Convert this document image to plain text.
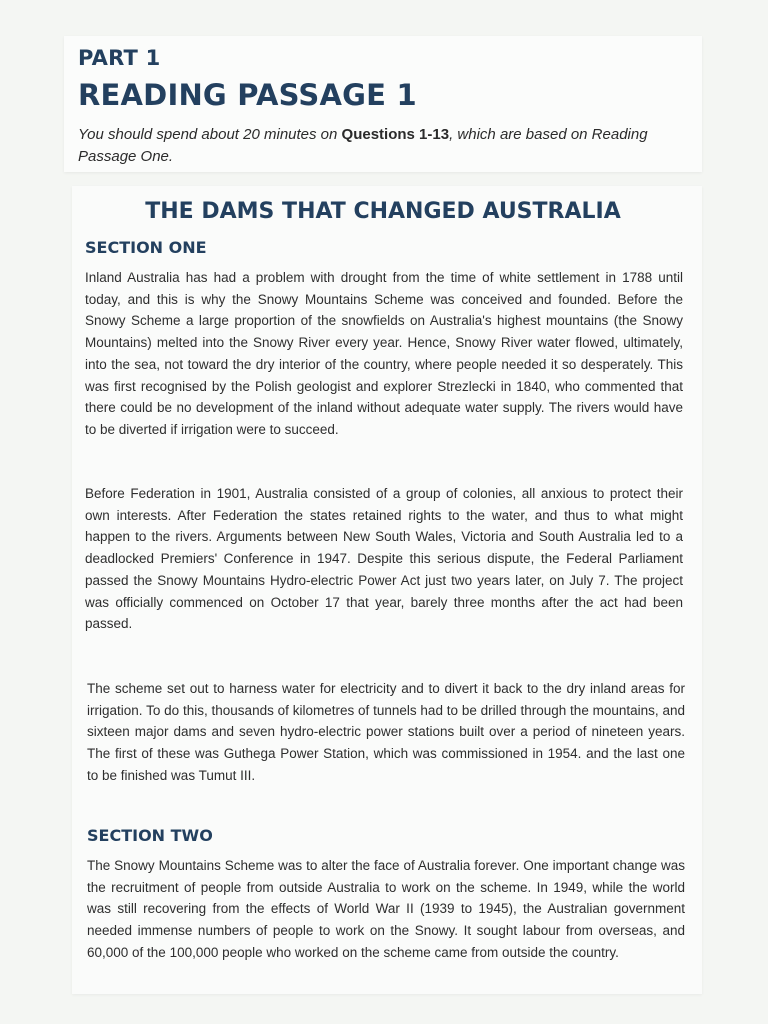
PART 1
READING PASSAGE 1

You should spend about 20 minutes on Questions 1-13, which are based on Reading Passage One.

THE DAMS THAT CHANGED AUSTRALIA
SECTION ONE

Inland Australia has had a problem with drought from the time of white settlement in 1788 until today, and this is why the Snowy Mountains Scheme was conceived and founded. Before the Snowy Scheme a large proportion of the snowfields on Australia's highest mountains (the Snowy Mountains) melted into the Snowy River every year. Hence, Snowy River water flowed, ultimately, into the sea, not toward the dry interior of the country, where people needed it so desperately. This was first recognised by the Polish geologist and explorer Strezlecki in 1840, who commented that there could be no development of the inland without adequate water supply. The rivers would have to be diverted if irrigation were to succeed.

Before Federation in 1901, Australia consisted of a group of colonies, all anxious to protect their own interests. After Federation the states retained rights to the water, and thus to what might happen to the rivers. Arguments between New South Wales, Victoria and South Australia led to a deadlocked Premiers' Conference in 1947. Despite this serious dispute, the Federal Parliament passed the Snowy Mountains Hydro-electric Power Act just two years later, on July 7. The project was officially commenced on October 17 that year, barely three months after the act had been passed.

The scheme set out to harness water for electricity and to divert it back to the dry inland areas for irrigation. To do this, thousands of kilometres of tunnels had to be drilled through the mountains, and sixteen major dams and seven hydro-electric power stations built over a period of nineteen years. The first of these was Guthega Power Station, which was commissioned in 1954. and the last one to be finished was Tumut III.

SECTION TWO

The Snowy Mountains Scheme was to alter the face of Australia forever. One important change was the recruitment of people from outside Australia to work on the scheme. In 1949, while the world was still recovering from the effects of World War II (1939 to 1945), the Australian government needed immense numbers of people to work on the Snowy. It sought labour from overseas, and 60,000 of the 100,000 people who worked on the scheme came from outside the country.
